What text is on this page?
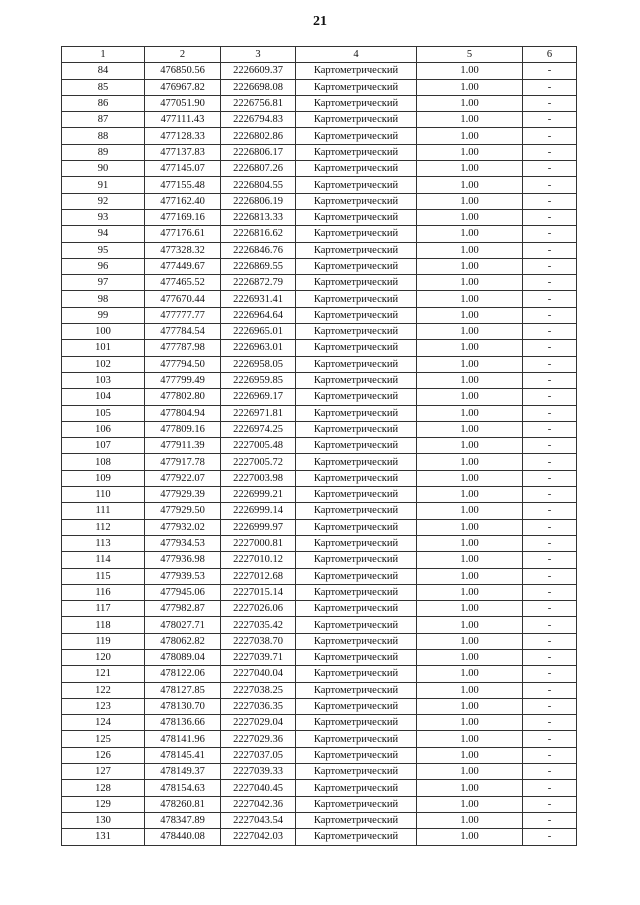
21
1	2	3	4	5	6
84	476850.56	2226609.37	Картометрический	1.00	-
85	476967.82	2226698.08	Картометрический	1.00	-
86	477051.90	2226756.81	Картометрический	1.00	-
87	477111.43	2226794.83	Картометрический	1.00	-
88	477128.33	2226802.86	Картометрический	1.00	-
89	477137.83	2226806.17	Картометрический	1.00	-
90	477145.07	2226807.26	Картометрический	1.00	-
91	477155.48	2226804.55	Картометрический	1.00	-
92	477162.40	2226806.19	Картометрический	1.00	-
93	477169.16	2226813.33	Картометрический	1.00	-
94	477176.61	2226816.62	Картометрический	1.00	-
95	477328.32	2226846.76	Картометрический	1.00	-
96	477449.67	2226869.55	Картометрический	1.00	-
97	477465.52	2226872.79	Картометрический	1.00	-
98	477670.44	2226931.41	Картометрический	1.00	-
99	477777.77	2226964.64	Картометрический	1.00	-
100	477784.54	2226965.01	Картометрический	1.00	-
101	477787.98	2226963.01	Картометрический	1.00	-
102	477794.50	2226958.05	Картометрический	1.00	-
103	477799.49	2226959.85	Картометрический	1.00	-
104	477802.80	2226969.17	Картометрический	1.00	-
105	477804.94	2226971.81	Картометрический	1.00	-
106	477809.16	2226974.25	Картометрический	1.00	-
107	477911.39	2227005.48	Картометрический	1.00	-
108	477917.78	2227005.72	Картометрический	1.00	-
109	477922.07	2227003.98	Картометрический	1.00	-
110	477929.39	2226999.21	Картометрический	1.00	-
111	477929.50	2226999.14	Картометрический	1.00	-
112	477932.02	2226999.97	Картометрический	1.00	-
113	477934.53	2227000.81	Картометрический	1.00	-
114	477936.98	2227010.12	Картометрический	1.00	-
115	477939.53	2227012.68	Картометрический	1.00	-
116	477945.06	2227015.14	Картометрический	1.00	-
117	477982.87	2227026.06	Картометрический	1.00	-
118	478027.71	2227035.42	Картометрический	1.00	-
119	478062.82	2227038.70	Картометрический	1.00	-
120	478089.04	2227039.71	Картометрический	1.00	-
121	478122.06	2227040.04	Картометрический	1.00	-
122	478127.85	2227038.25	Картометрический	1.00	-
123	478130.70	2227036.35	Картометрический	1.00	-
124	478136.66	2227029.04	Картометрический	1.00	-
125	478141.96	2227029.36	Картометрический	1.00	-
126	478145.41	2227037.05	Картометрический	1.00	-
127	478149.37	2227039.33	Картометрический	1.00	-
128	478154.63	2227040.45	Картометрический	1.00	-
129	478260.81	2227042.36	Картометрический	1.00	-
130	478347.89	2227043.54	Картометрический	1.00	-
131	478440.08	2227042.03	Картометрический	1.00	-
